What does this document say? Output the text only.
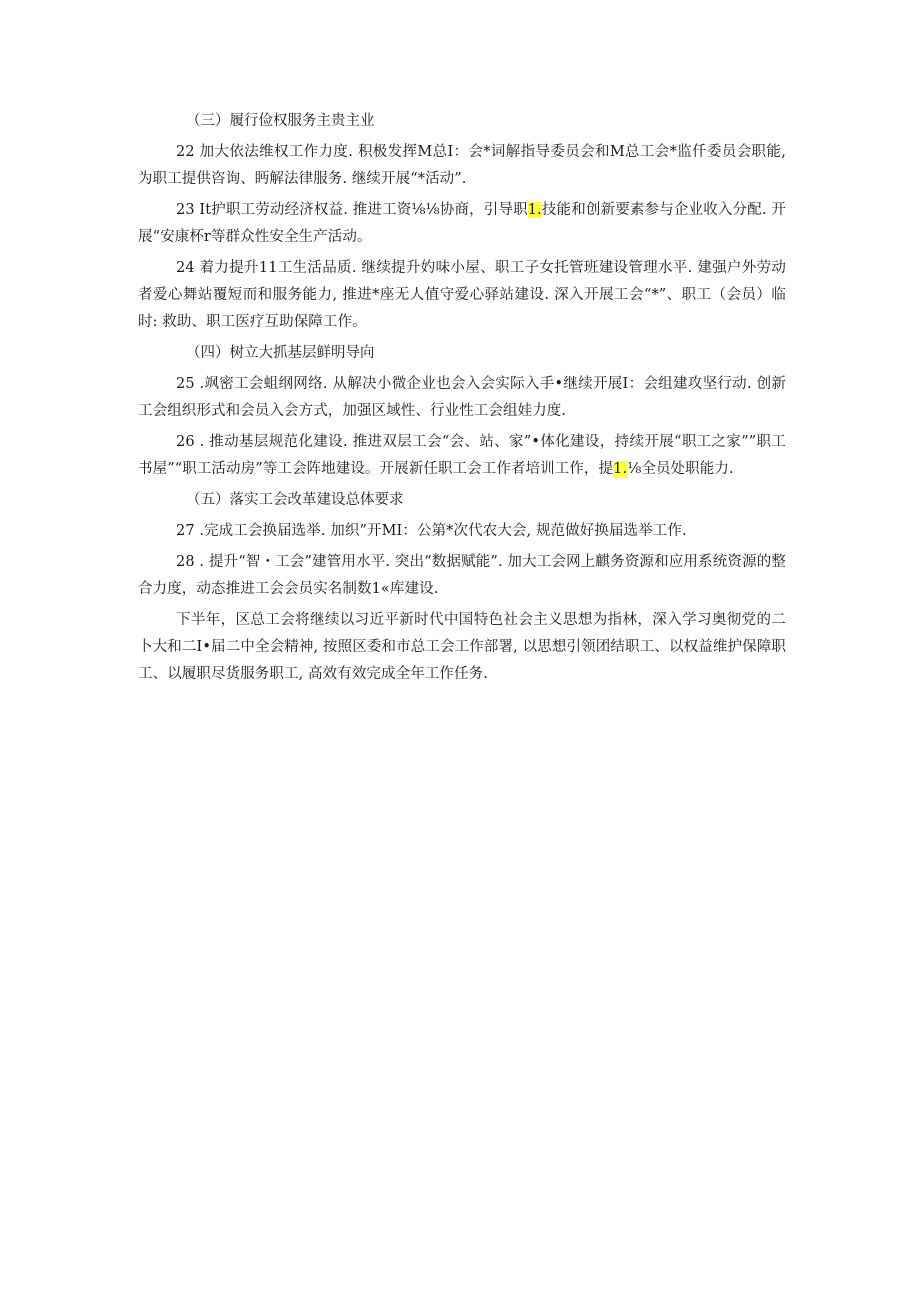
（三）履行俭权服务主贵主业

22 加大依法维权工作力度. 积极发挥M总I：会*词解指导委员会和M总工会*监仟委员会职能, 为职工提供咨询、眄解法律服务. 继续开展“*活动”.

23 It护职工劳动经济权益. 推进工资⅛⅛协商，引导职1.技能和创新要素参与企业收入分配. 开展“安康杯r等群众性安全生产活动。

24 着力提升11工生活品质. 继续提升妁味小屋、职工子女托管班建设管理水平. 建强户外劳动者爱心舞站覆短而和服务能力, 推进*座无人值守爱心驿站建设. 深入开展工会“*”、职工（会员）临时: 救助、职工医疗互助保障工作。

（四）树立大抓基层鲜明导向

25 .飒密工会蛆纲网络. 从解决小微企业也会入会实际入手•继续开展I：会组建攻坚行动. 创新工会组织形式和会员入会方式，加强区域性、行业性工会组娃力度.

26 . 推动基层规范化建设. 推进双层工会“会、站、家”•体化建设，持续开展“职工之家””职工书屋”“职工活动房”等工会阵地建设。开展新任职工会工作者培训工作，提1.⅛全员处职能力.

（五）落实工会改革建设总体要求

27 .完成工会换届选举. 加织”开MI：公第*次代农大会, 规范做好换届选举工作.

28 . 提升“智・工会”建管用水平. 突出“数据赋能”. 加大工会网上麒务资源和应用系统资源的整合力度，动态推进工会会员实名制数1«库建设.

下半年，区总工会将继续以习近平新时代中国特色社会主义思想为指林，深入学习奥彻党的二卜大和二I•届二中全会精神, 按照区委和市总工会工作部署, 以思想引领团结职工、以权益维护保障职工、以履职尽货服务职工, 高效有效完成全年工作任务.
